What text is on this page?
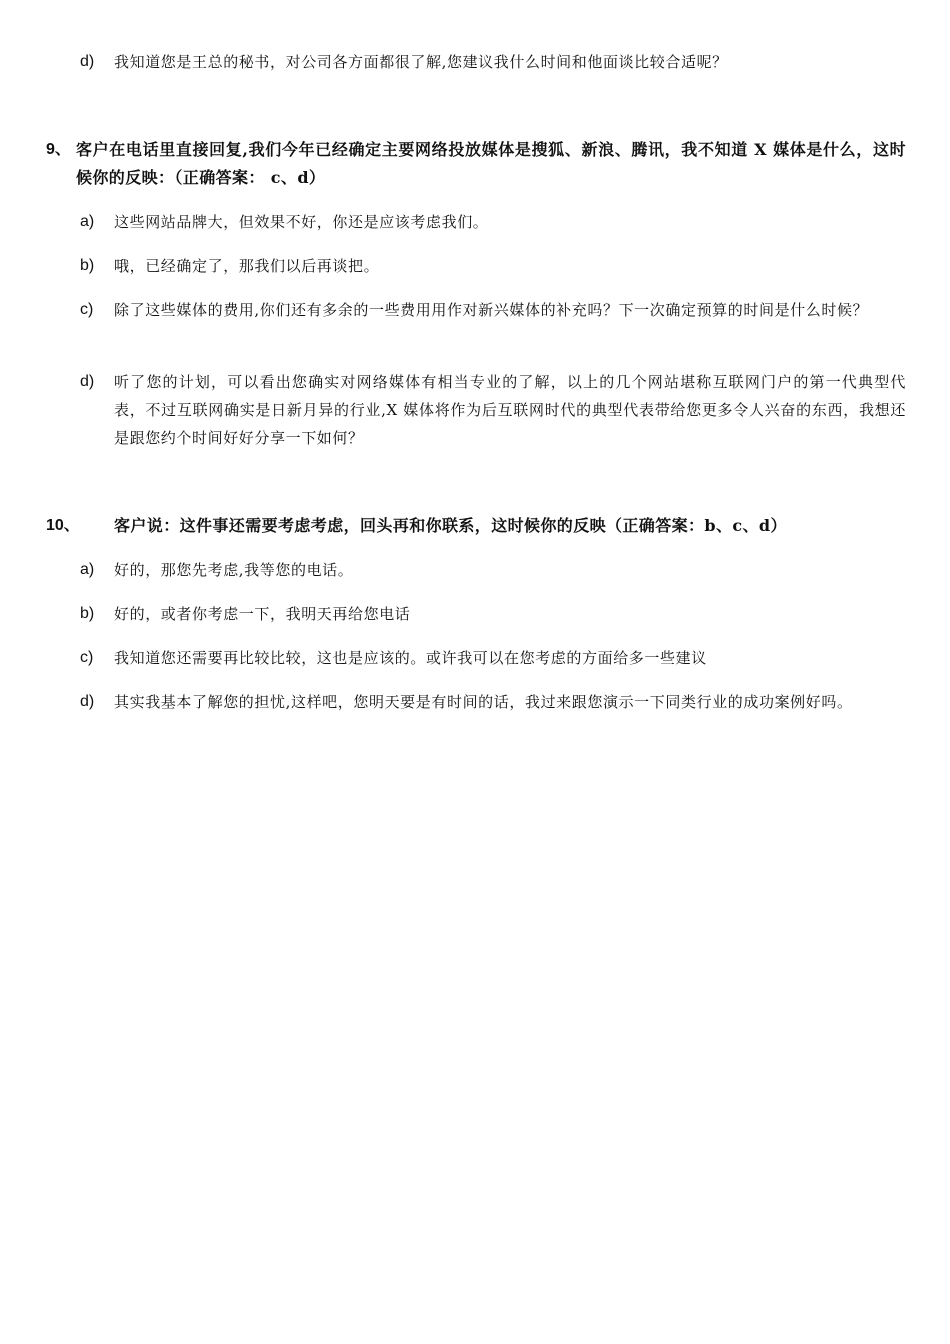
d) 我知道您是王总的秘书，对公司各方面都很了解,您建议我什么时间和他面谈比较合适呢？
9、 客户在电话里直接回复,我们今年已经确定主要网络投放媒体是搜狐、新浪、腾讯，我不知道 X 媒体是什么，这时候你的反映：（正确答案： c、d）
a) 这些网站品牌大，但效果不好，你还是应该考虑我们。
b) 哦，已经确定了，那我们以后再谈把。
c) 除了这些媒体的费用,你们还有多余的一些费用用作对新兴媒体的补充吗？下一次确定预算的时间是什么时候？
d) 听了您的计划，可以看出您确实对网络媒体有相当专业的了解，以上的几个网站堪称互联网门户的第一代典型代表，不过互联网确实是日新月异的行业,X 媒体将作为后互联网时代的典型代表带给您更多令人兴奋的东西，我想还是跟您约个时间好好分享一下如何？
10、 客户说：这件事还需要考虑考虑，回头再和你联系，这时候你的反映（正确答案：b、c、d）
a) 好的，那您先考虑,我等您的电话。
b) 好的，或者你考虑一下，我明天再给您电话
c) 我知道您还需要再比较比较，这也是应该的。或许我可以在您考虑的方面给多一些建议
d) 其实我基本了解您的担忧,这样吧，您明天要是有时间的话，我过来跟您演示一下同类行业的成功案例好吗。
